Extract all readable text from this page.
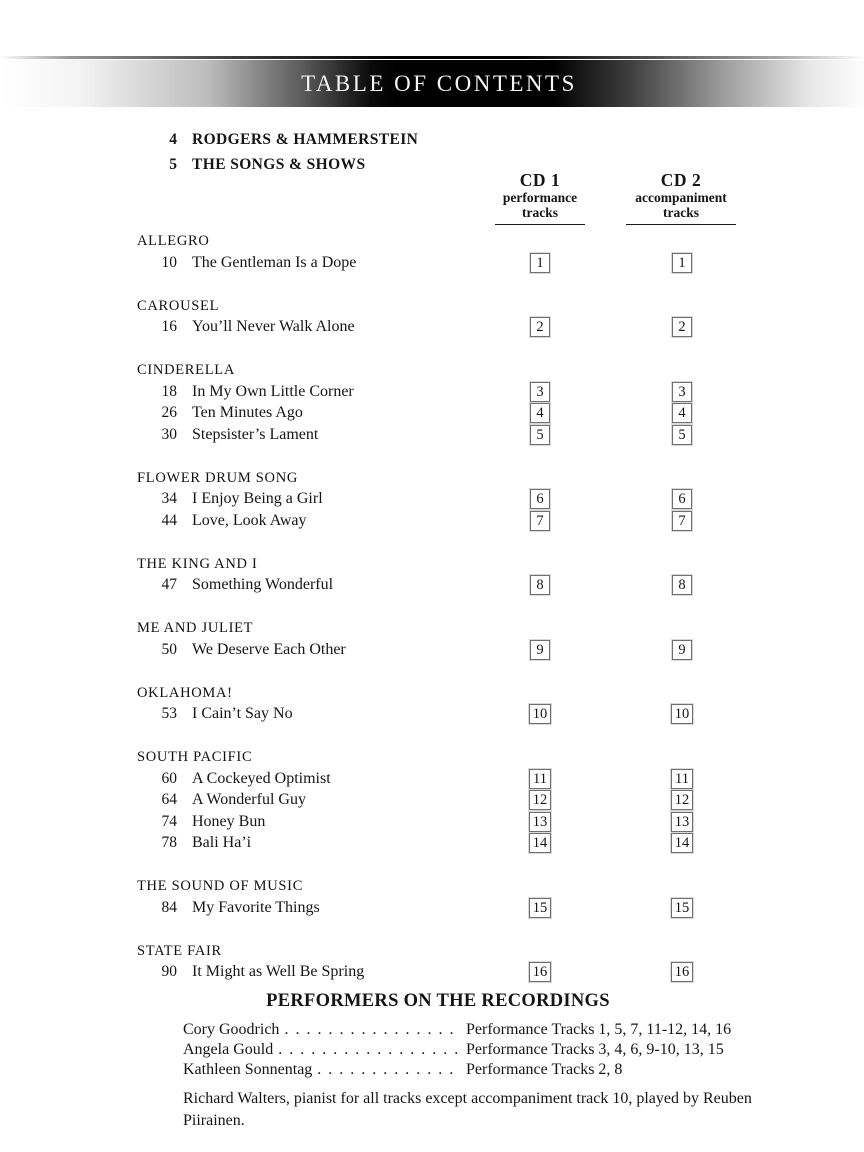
TABLE OF CONTENTS
4 RODGERS & HAMMERSTEIN
5 THE SONGS & SHOWS
CD 1
performance
tracks
CD 2
accompaniment
tracks
ALLEGRO
10 The Gentleman Is a Dope	1	1
CAROUSEL
16 You’ll Never Walk Alone	2	2
CINDERELLA
18 In My Own Little Corner	3	3
26 Ten Minutes Ago	4	4
30 Stepsister’s Lament	5	5
FLOWER DRUM SONG
34 I Enjoy Being a Girl	6	6
44 Love, Look Away	7	7
THE KING AND I
47 Something Wonderful	8	8
ME AND JULIET
50 We Deserve Each Other	9	9
OKLAHOMA!
53 I Cain’t Say No	10	10
SOUTH PACIFIC
60 A Cockeyed Optimist	11	11
64 A Wonderful Guy	12	12
74 Honey Bun	13	13
78 Bali Ha’i	14	14
THE SOUND OF MUSIC
84 My Favorite Things	15	15
STATE FAIR
90 It Might as Well Be Spring	16	16
PERFORMERS ON THE RECORDINGS
Cory Goodrich . . .	Performance Tracks 1, 5, 7, 11-12, 14, 16
Angela Gould . . .	Performance Tracks 3, 4, 6, 9-10, 13, 15
Kathleen Sonnentag . . .	Performance Tracks 2, 8

Richard Walters, pianist for all tracks except accompaniment track 10, played by Reuben Piirainen.
